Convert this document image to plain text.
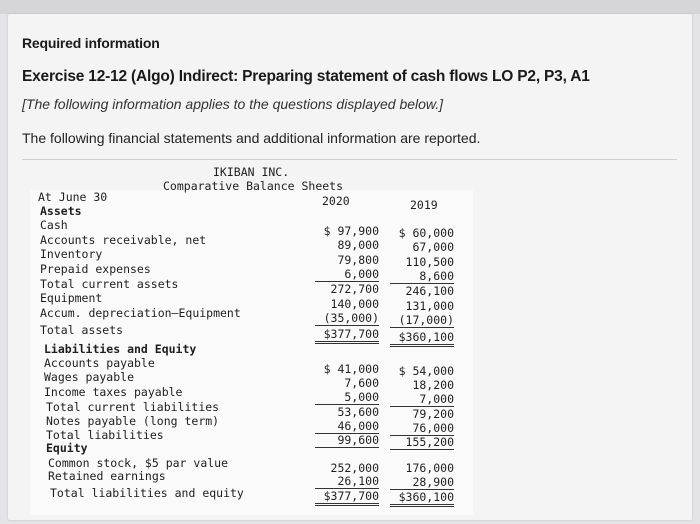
Required information
Exercise 12-12 (Algo) Indirect: Preparing statement of cash flows LO P2, P3, A1
[The following information applies to the questions displayed below.]
The following financial statements and additional information are reported.
IKIBAN INC.
Comparative Balance Sheets
At June 30	2020	2019
Assets
Cash	$ 97,900	$ 60,000
Accounts receivable, net	89,000	67,000
Inventory	79,800	110,500
Prepaid expenses	6,000	8,600
Total current assets	272,700	246,100
Equipment	140,000	131,000
Accum. depreciation–Equipment	(35,000)	(17,000)
Total assets	$377,700	$360,100
Liabilities and Equity
Accounts payable	$ 41,000	$ 54,000
Wages payable	7,600	18,200
Income taxes payable	5,000	7,000
Total current liabilities	53,600	79,200
Notes payable (long term)	46,000	76,000
Total liabilities	99,600	155,200
Equity
Common stock, $5 par value	252,000	176,000
Retained earnings	26,100	28,900
Total liabilities and equity	$377,700	$360,100
